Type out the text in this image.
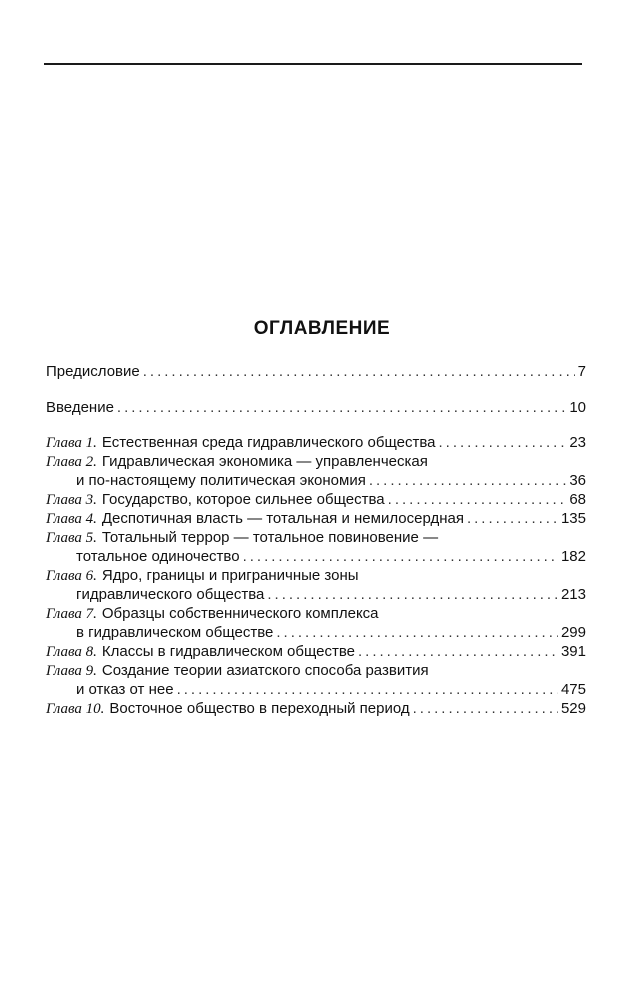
ОГЛАВЛЕНИЕ
Предисловие .....	7
Введение .....	10
Глава 1. Естественная среда гидравлического общества .....	23
Глава 2. Гидравлическая экономика — управленческая
и по-настоящему политическая экономия .....	36
Глава 3. Государство, которое сильнее общества .....	68
Глава 4. Деспотичная власть — тотальная и немилосердная .....	135
Глава 5. Тотальный террор — тотальное повиновение —
тотальное одиночество .....	182
Глава 6. Ядро, границы и приграничные зоны
гидравлического общества .....	213
Глава 7. Образцы собственнического комплекса
в гидравлическом обществе .....	299
Глава 8. Классы в гидравлическом обществе .....	391
Глава 9. Создание теории азиатского способа развития
и отказ от нее .....	475
Глава 10. Восточное общество в переходный период .....	529
